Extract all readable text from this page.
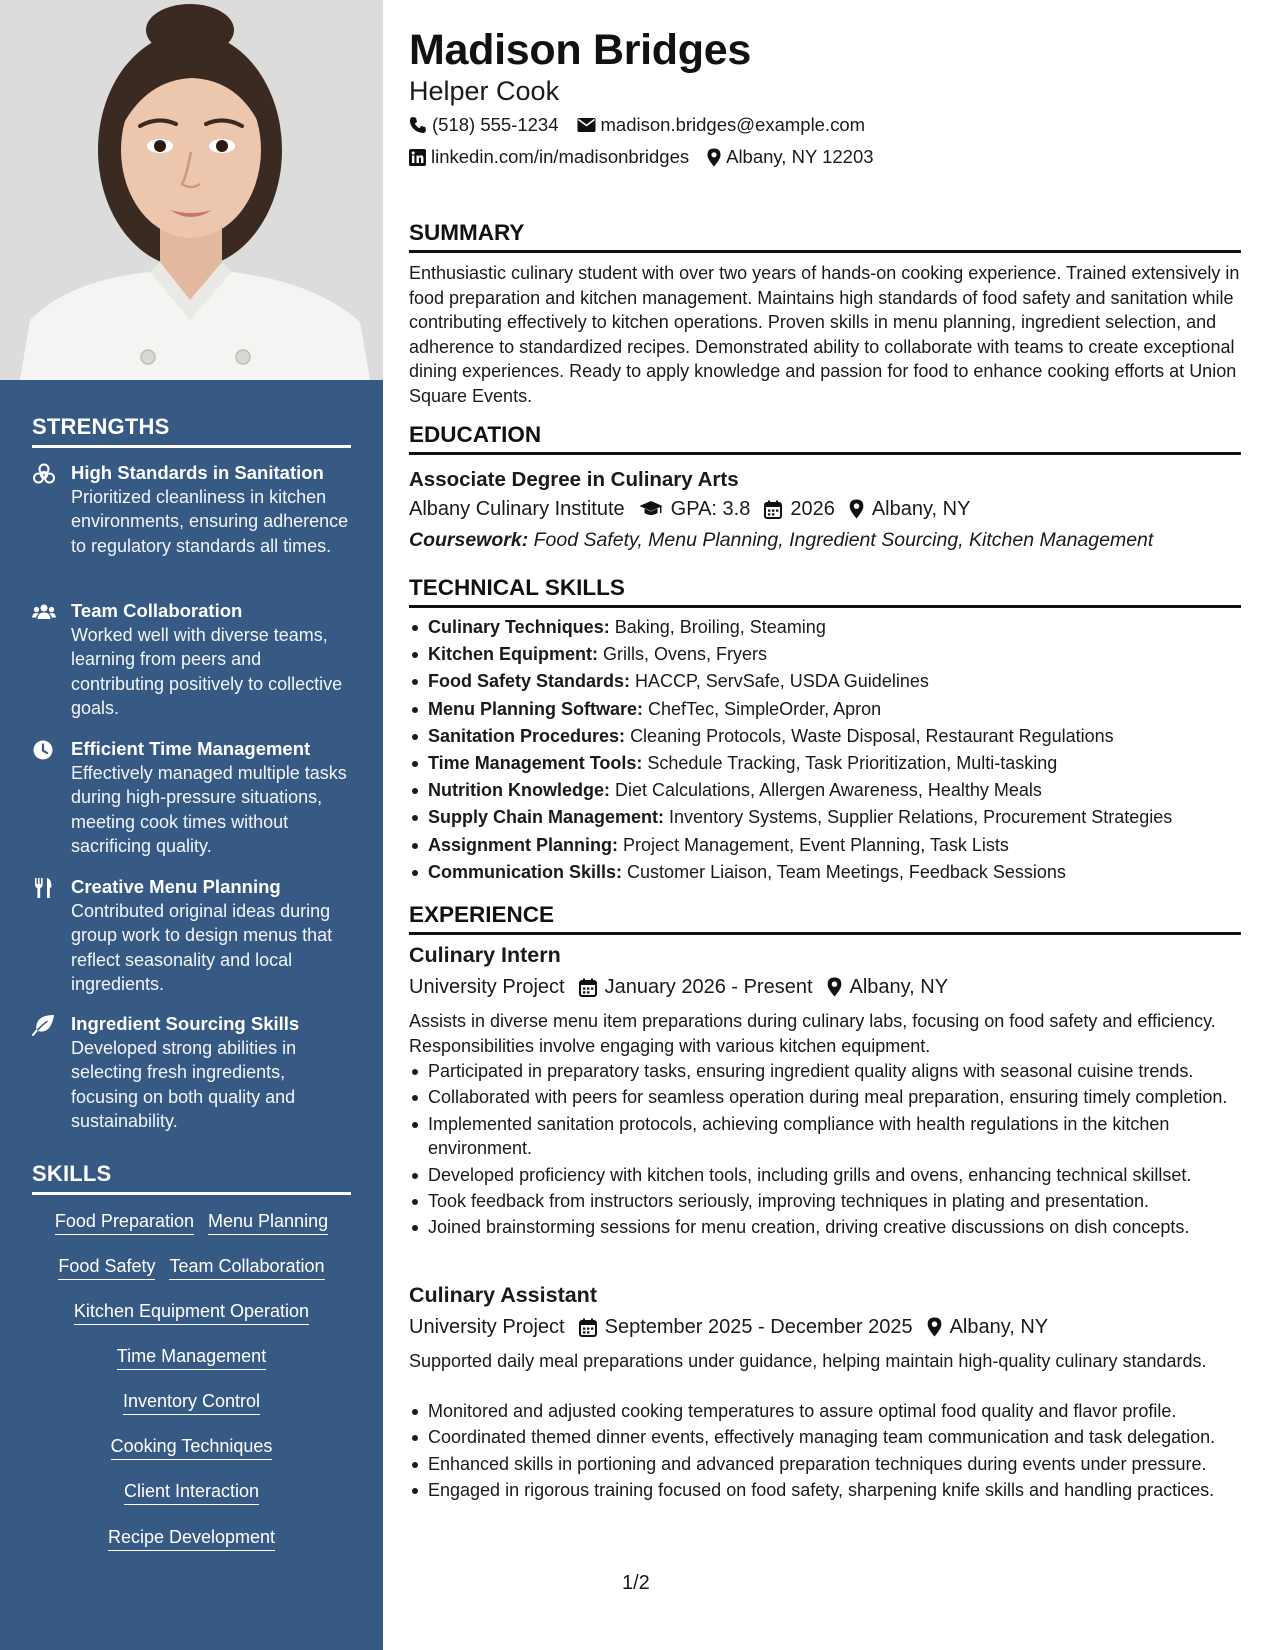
STRENGTHS
High Standards in Sanitation
Prioritized cleanliness in kitchen environments, ensuring adherence to regulatory standards all times.
Team Collaboration
Worked well with diverse teams, learning from peers and contributing positively to collective goals.
Efficient Time Management
Effectively managed multiple tasks during high-pressure situations, meeting cook times without sacrificing quality.
Creative Menu Planning
Contributed original ideas during group work to design menus that reflect seasonality and local ingredients.
Ingredient Sourcing Skills
Developed strong abilities in selecting fresh ingredients, focusing on both quality and sustainability.
SKILLS
Food Preparation Menu Planning
Food Safety Team Collaboration
Kitchen Equipment Operation
Time Management
Inventory Control
Cooking Techniques
Client Interaction
Recipe Development
Madison Bridges
Helper Cook
(518) 555-1234 madison.bridges@example.com
linkedin.com/in/madisonbridges Albany, NY 12203
SUMMARY
Enthusiastic culinary student with over two years of hands-on cooking experience. Trained extensively in food preparation and kitchen management. Maintains high standards of food safety and sanitation while contributing effectively to kitchen operations. Proven skills in menu planning, ingredient selection, and adherence to standardized recipes. Demonstrated ability to collaborate with teams to create exceptional dining experiences. Ready to apply knowledge and passion for food to enhance cooking efforts at Union Square Events.
EDUCATION
Associate Degree in Culinary Arts
Albany Culinary Institute GPA: 3.8 2026 Albany, NY
Coursework: Food Safety, Menu Planning, Ingredient Sourcing, Kitchen Management
TECHNICAL SKILLS
Culinary Techniques: Baking, Broiling, Steaming
Kitchen Equipment: Grills, Ovens, Fryers
Food Safety Standards: HACCP, ServSafe, USDA Guidelines
Menu Planning Software: ChefTec, SimpleOrder, Apron
Sanitation Procedures: Cleaning Protocols, Waste Disposal, Restaurant Regulations
Time Management Tools: Schedule Tracking, Task Prioritization, Multi-tasking
Nutrition Knowledge: Diet Calculations, Allergen Awareness, Healthy Meals
Supply Chain Management: Inventory Systems, Supplier Relations, Procurement Strategies
Assignment Planning: Project Management, Event Planning, Task Lists
Communication Skills: Customer Liaison, Team Meetings, Feedback Sessions
EXPERIENCE
Culinary Intern
University Project January 2026 - Present Albany, NY
Assists in diverse menu item preparations during culinary labs, focusing on food safety and efficiency. Responsibilities involve engaging with various kitchen equipment.
Participated in preparatory tasks, ensuring ingredient quality aligns with seasonal cuisine trends.
Collaborated with peers for seamless operation during meal preparation, ensuring timely completion.
Implemented sanitation protocols, achieving compliance with health regulations in the kitchen environment.
Developed proficiency with kitchen tools, including grills and ovens, enhancing technical skillset.
Took feedback from instructors seriously, improving techniques in plating and presentation.
Joined brainstorming sessions for menu creation, driving creative discussions on dish concepts.
Culinary Assistant
University Project September 2025 - December 2025 Albany, NY
Supported daily meal preparations under guidance, helping maintain high-quality culinary standards.
Monitored and adjusted cooking temperatures to assure optimal food quality and flavor profile.
Coordinated themed dinner events, effectively managing team communication and task delegation.
Enhanced skills in portioning and advanced preparation techniques during events under pressure.
Engaged in rigorous training focused on food safety, sharpening knife skills and handling practices.
1/2
